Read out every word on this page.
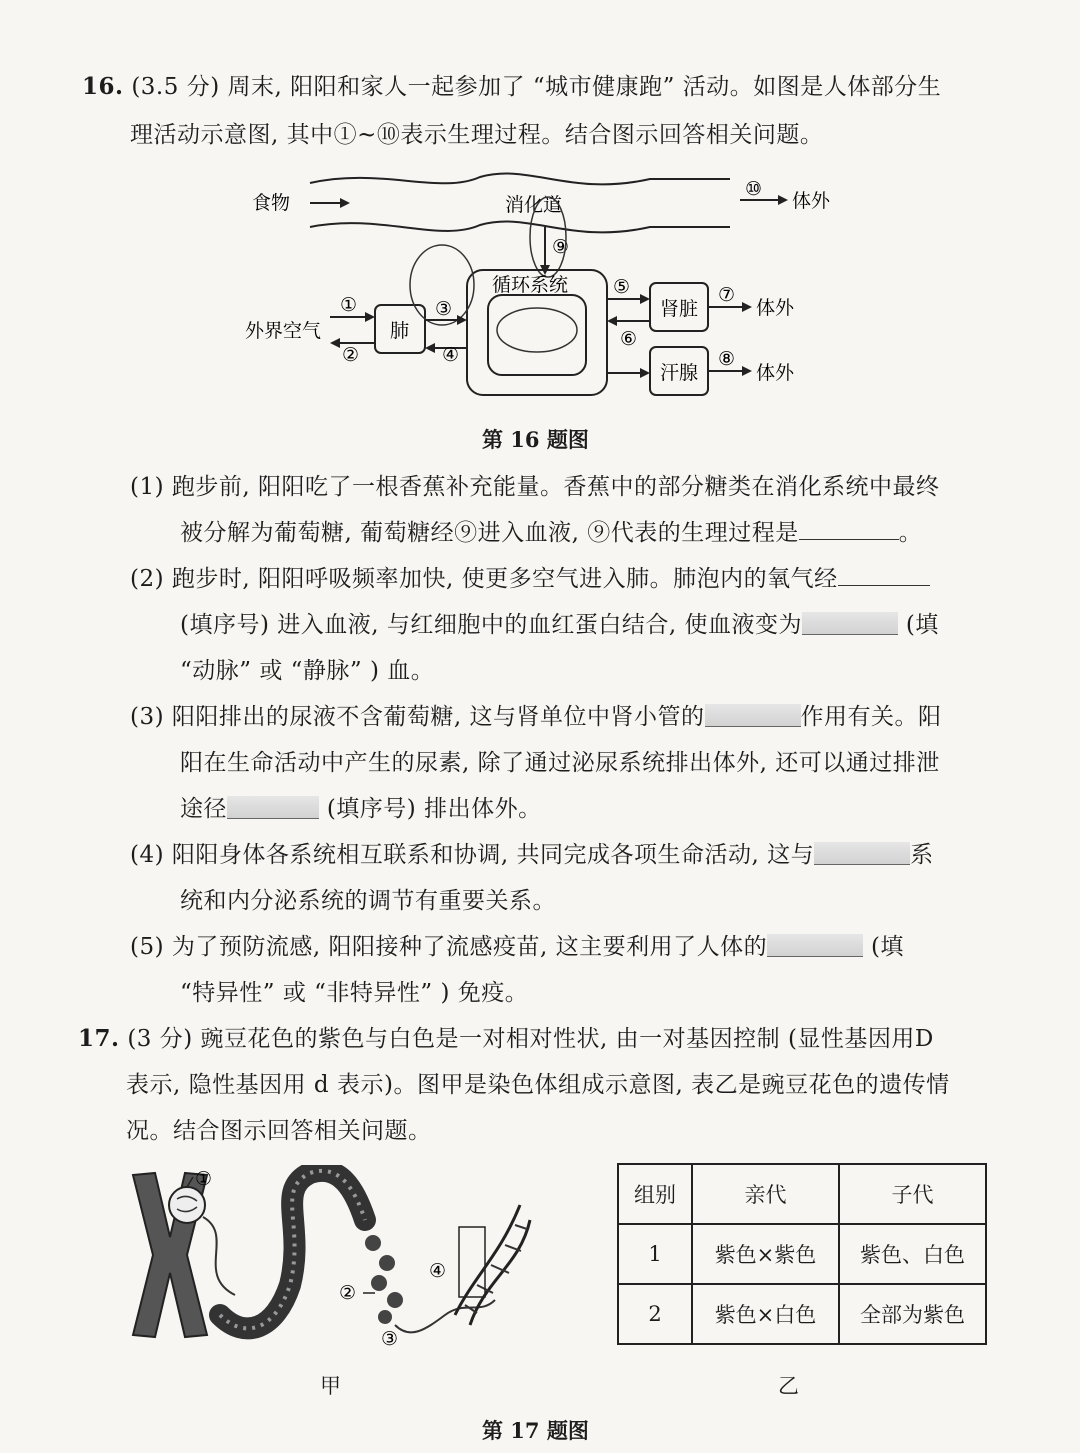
16. (3.5 分) 周末, 阳阳和家人一起参加了 “城市健康跑” 活动。如图是人体部分生
理活动示意图, 其中①~⑩表示生理过程。结合图示回答相关问题。
食物	消化道
⑩
体外
⑨
循环系统
肺
外界空气
①
②
③
④
肾脏
⑤
⑥
⑦
体外
汗腺
⑧
体外
第 16 题图
(1) 跑步前, 阳阳吃了一根香蕉补充能量。香蕉中的部分糖类在消化系统中最终
被分解为葡萄糖, 葡萄糖经⑨进入血液, ⑨代表的生理过程是	。
(2) 跑步时, 阳阳呼吸频率加快, 使更多空气进入肺。肺泡内的氧气经
(填序号) 进入血液, 与红细胞中的血红蛋白结合, 使血液变为	(填
“动脉” 或 “静脉” ) 血。
(3) 阳阳排出的尿液不含葡萄糖, 这与肾单位中肾小管的	作用有关。阳
阳在生命活动中产生的尿素, 除了通过泌尿系统排出体外, 还可以通过排泄
途径	(填序号) 排出体外。
(4) 阳阳身体各系统相互联系和协调, 共同完成各项生命活动, 这与	系
统和内分泌系统的调节有重要关系。
(5) 为了预防流感, 阳阳接种了流感疫苗, 这主要利用了人体的	(填
“特异性” 或 “非特异性” ) 免疫。
17. (3 分) 豌豆花色的紫色与白色是一对相对性状, 由一对基因控制 (显性基因用D
表示, 隐性基因用 d 表示)。图甲是染色体组成示意图, 表乙是豌豆花色的遗传情
况。结合图示回答相关问题。
①
②
③
④
甲	乙
组别	亲代	子代
1	紫色×紫色	紫色、白色
2	紫色×白色	全部为紫色
第 17 题图
